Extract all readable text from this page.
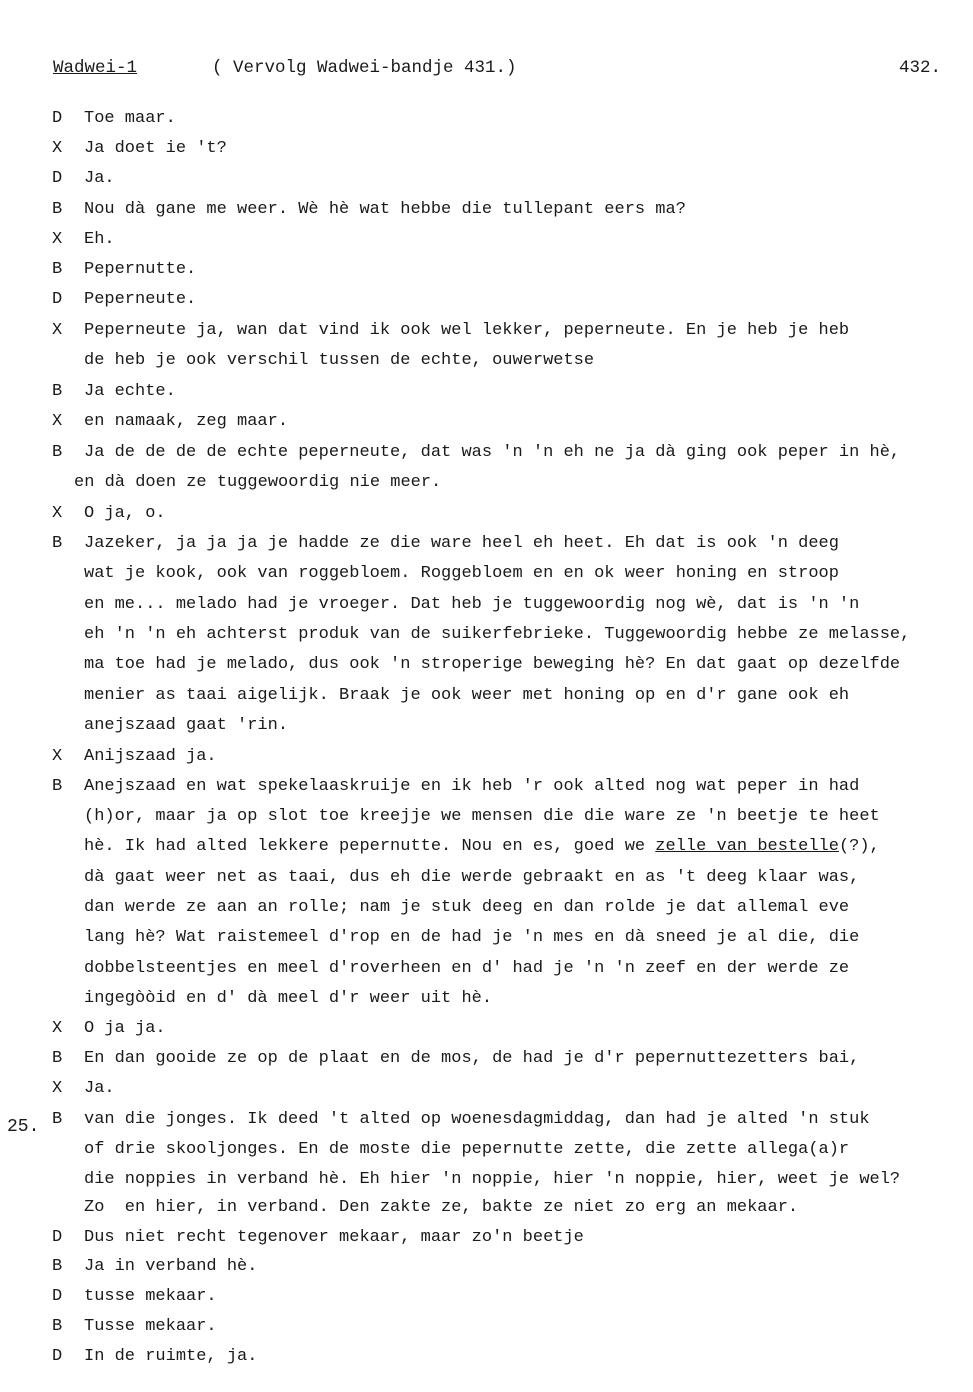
Wadwei-1	( Vervolg Wadwei-bandje 431.)	432.
25.
D Toe maar.
X Ja doet ie 't?
D Ja.
B Nou dà gane me weer. Wè hè wat hebbe die tullepant eers ma?
X Eh.
B Pepernutte.
D Peperneute.
X Peperneute ja, wan dat vind ik ook wel lekker, peperneute. En je heb je heb
de heb je ook verschil tussen de echte, ouwerwetse
B Ja echte.
X en namaak, zeg maar.
B Ja de de de de echte peperneute, dat was 'n 'n eh ne ja dà ging ook peper in hè,
en dà doen ze tuggewoordig nie meer.
X O ja, o.
B Jazeker, ja ja ja je hadde ze die ware heel eh heet. Eh dat is ook 'n deeg
wat je kook, ook van roggebloem. Roggebloem en en ok weer honing en stroop
en me... melado had je vroeger. Dat heb je tuggewoordig nog wè, dat is 'n 'n
eh 'n 'n eh achterst produk van de suikerfebrieke. Tuggewoordig hebbe ze melasse,
ma toe had je melado, dus ook 'n stroperige beweging hè? En dat gaat op dezelfde
menier as taai aigelijk. Braak je ook weer met honing op en d'r gane ook eh
anejszaad gaat 'rin.
X Anijszaad ja.
B Anejszaad en wat spekelaaskruije en ik heb 'r ook alted nog wat peper in had
(h)or, maar ja op slot toe kreejje we mensen die die ware ze 'n beetje te heet
hè. Ik had alted lekkere pepernutte. Nou en es, goed we zelle van bestelle(?),
dà gaat weer net as taai, dus eh die werde gebraakt en as 't deeg klaar was,
dan werde ze aan an rolle; nam je stuk deeg en dan rolde je dat allemal eve
lang hè? Wat raistemeel d'rop en de had je 'n mes en dà sneed je al die, die
dobbelsteentjes en meel d'roverheen en d' had je 'n 'n zeef en der werde ze
ingegòòid en d' dà meel d'r weer uit hè.
X O ja ja.
B En dan gooide ze op de plaat en de mos, de had je d'r pepernuttezetters bai,
X Ja.
B van die jonges. Ik deed 't alted op woenesdagmiddag, dan had je alted 'n stuk
of drie skooljonges. En de moste die pepernutte zette, die zette allega(a)r
die noppies in verband hè. Eh hier 'n noppie, hier 'n noppie, hier, weet je wel?
Zo  en hier, in verband. Den zakte ze, bakte ze niet zo erg an mekaar.
D Dus niet recht tegenover mekaar, maar zo'n beetje
B Ja in verband hè.
D tusse mekaar.
B Tusse mekaar.
D In de ruimte, ja.
